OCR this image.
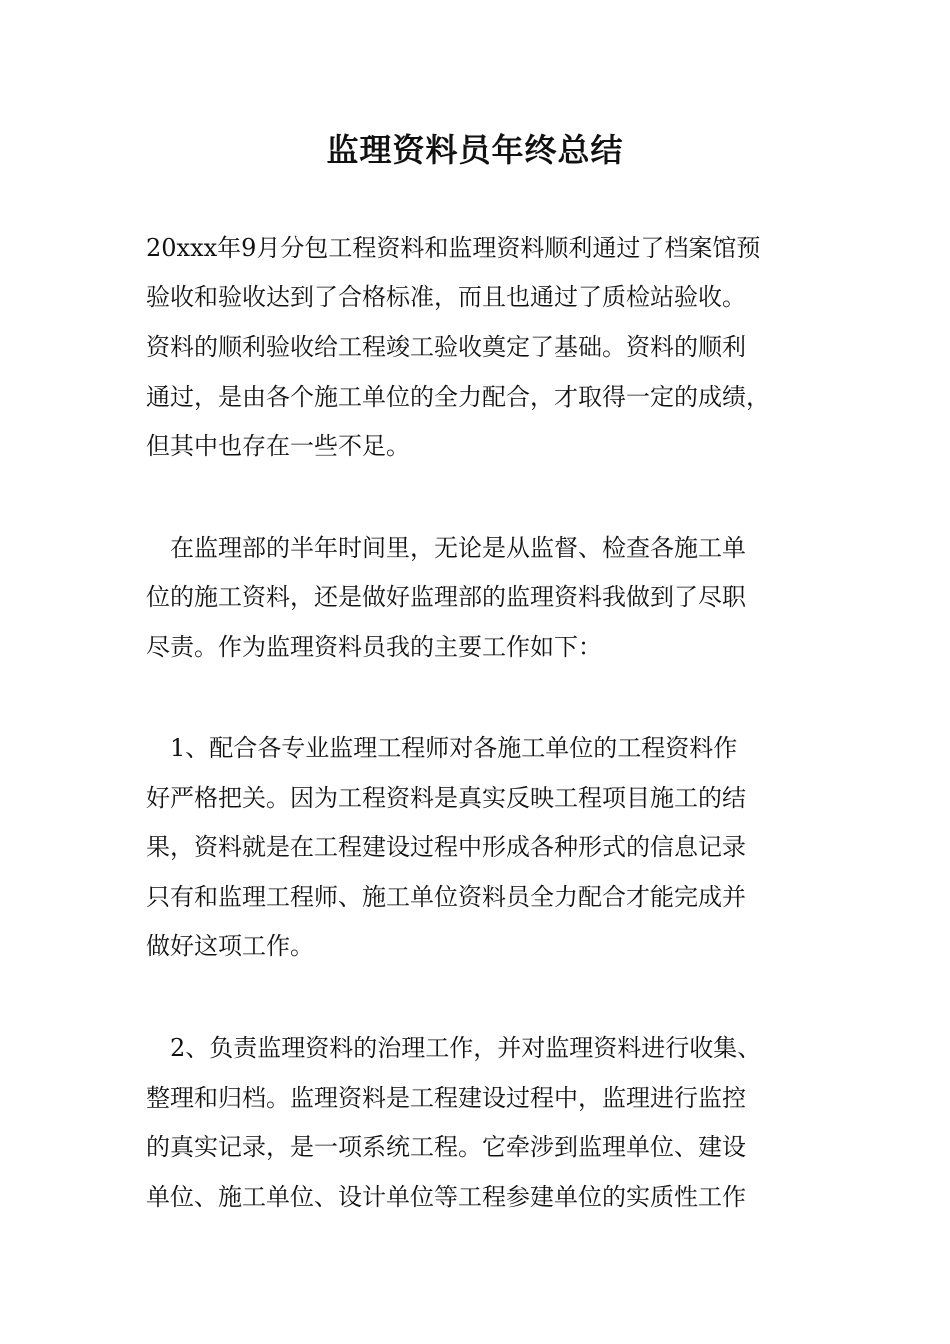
监理资料员年终总结

20xxx年9月分包工程资料和监理资料顺利通过了档案馆预

验收和验收达到了合格标准，而且也通过了质检站验收。

资料的顺利验收给工程竣工验收奠定了基础。资料的顺利

通过，是由各个施工单位的全力配合，才取得一定的成绩，

但其中也存在一些不足。

　在监理部的半年时间里，无论是从监督、检查各施工单

位的施工资料，还是做好监理部的监理资料我做到了尽职

尽责。作为监理资料员我的主要工作如下：

　1、配合各专业监理工程师对各施工单位的工程资料作

好严格把关。因为工程资料是真实反映工程项目施工的结

果，资料就是在工程建设过程中形成各种形式的信息记录

只有和监理工程师、施工单位资料员全力配合才能完成并

做好这项工作。

　2、负责监理资料的治理工作，并对监理资料进行收集、

整理和归档。监理资料是工程建设过程中，监理进行监控

的真实记录，是一项系统工程。它牵涉到监理单位、建设

单位、施工单位、设计单位等工程参建单位的实质性工作
